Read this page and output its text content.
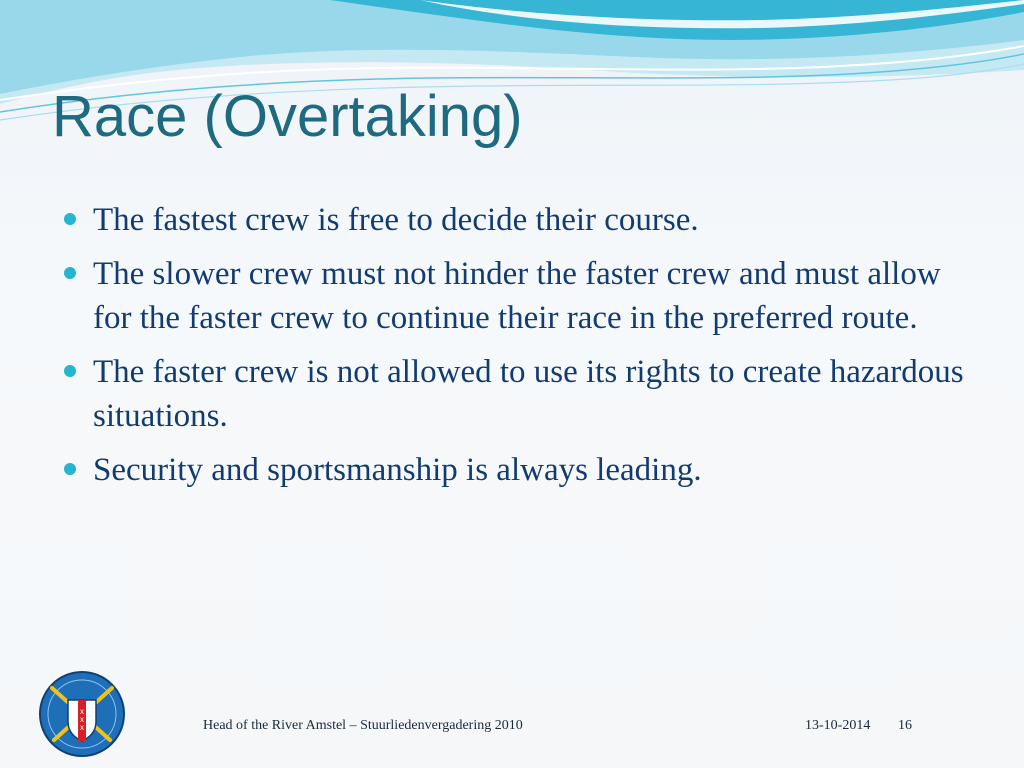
Race (Overtaking)
The fastest crew is free to decide their course.
The slower crew must not hinder the faster crew and must allow for the faster crew to continue their race in the preferred route.
The faster crew is not allowed to use its rights to create hazardous situations.
Security and sportsmanship is always leading.
x
x
x	Head of the River Amstel – Stuurliedenvergadering 2010	13-10-2014 16
